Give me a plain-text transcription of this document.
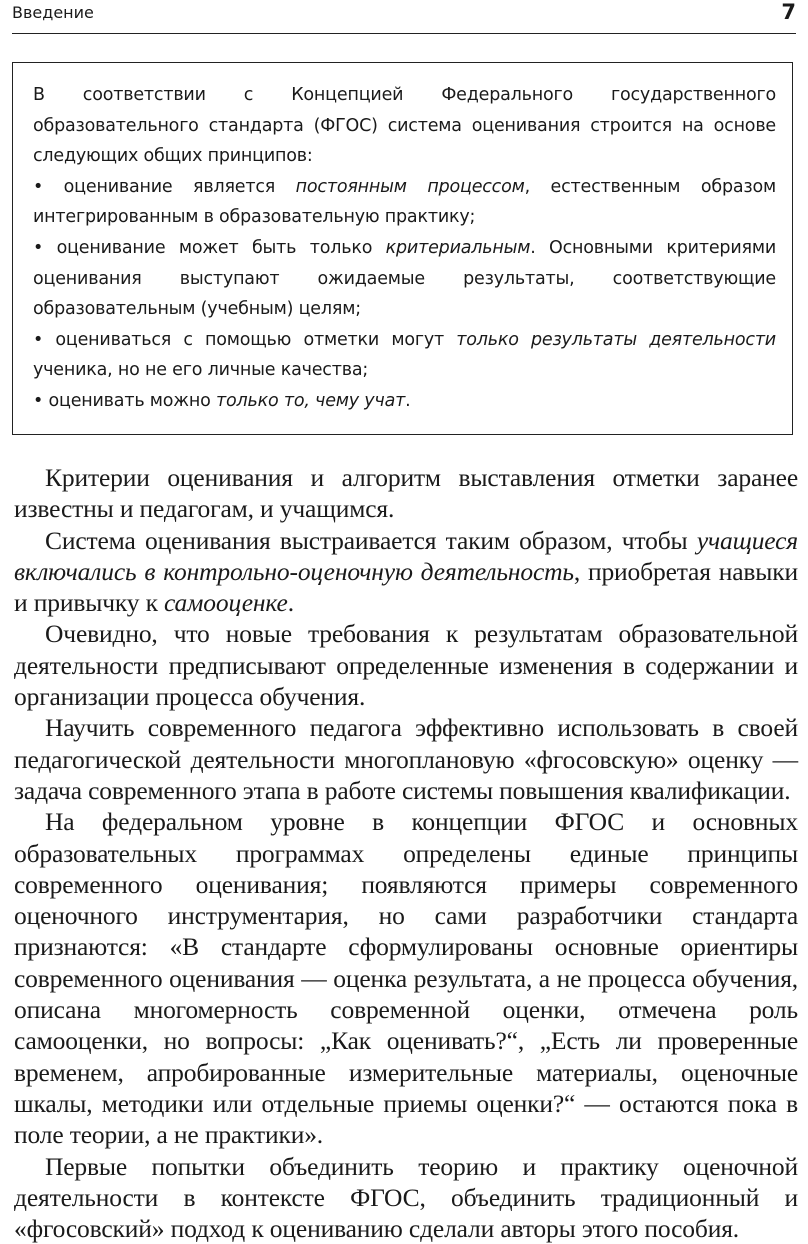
Введение	7

В соответствии с Концепцией Федерального государственного образовательного стандарта (ФГОС) система оценивания строится на основе следующих общих принципов:

• оценивание является постоянным процессом, естественным образом интегрированным в образовательную практику;

• оценивание может быть только критериальным. Основными критериями оценивания выступают ожидаемые результаты, соответствующие образовательным (учебным) целям;

• оцениваться с помощью отметки могут только результаты деятельности ученика, но не его личные качества;

• оценивать можно только то, чему учат.

Критерии оценивания и алгоритм выставления отметки заранее известны и педагогам, и учащимся.

Система оценивания выстраивается таким образом, чтобы учащиеся включались в контрольно-оценочную деятельность, приобретая навыки и привычку к самооценке.

Очевидно, что новые требования к результатам образовательной деятельности предписывают определенные изменения в содержании и организации процесса обучения.

Научить современного педагога эффективно использовать в своей педагогической деятельности многоплановую «фгосовскую» оценку — задача современного этапа в работе системы повышения квалификации.

На федеральном уровне в концепции ФГОС и основных образовательных программах определены единые принципы современного оценивания; появляются примеры современного оценочного инструментария, но сами разработчики стандарта признаются: «В стандарте сформулированы основные ориентиры современного оценивания — оценка результата, а не процесса обучения, описана многомерность современной оценки, отмечена роль самооценки, но вопросы: „Как оценивать?“, „Есть ли проверенные временем, апробированные измерительные материалы, оценочные шкалы, методики или отдельные приемы оценки?“ — остаются пока в поле теории, а не практики».

Первые попытки объединить теорию и практику оценочной деятельности в контексте ФГОС, объединить традиционный и «фгосовский» подход к оцениванию сделали авторы этого пособия.
